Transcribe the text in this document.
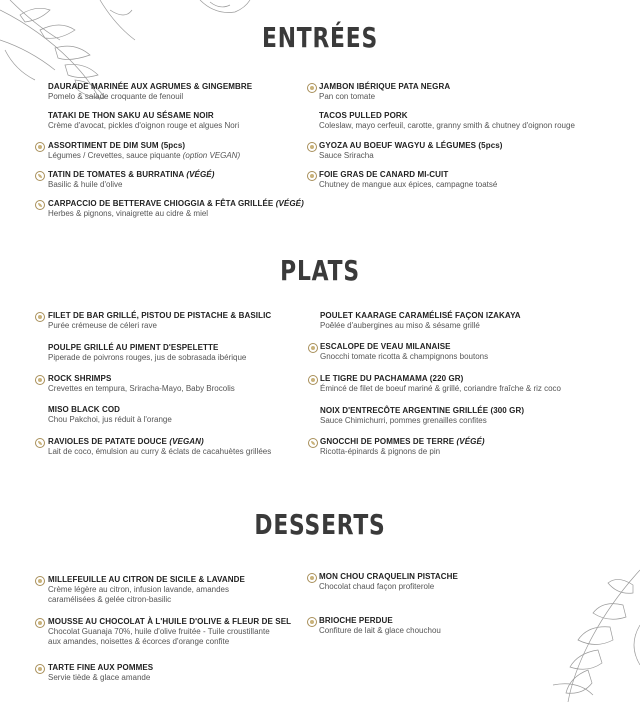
ENTRÉES
DAURADE MARINÉE AUX AGRUMES & GINGEMBRE
Pomelo & salade croquante de fenouil
TATAKI DE THON SAKU AU SÉSAME NOIR
Crème d'avocat, pickles d'oignon rouge et algues Nori
ASSORTIMENT DE DIM SUM (5pcs)
Légumes / Crevettes, sauce piquante (option VEGAN)
TATIN DE TOMATES & BURRATINA (VÉGÉ)
Basilic & huile d'olive
CARPACCIO DE BETTERAVE CHIOGGIA & FÊTA GRILLÉE (VÉGÉ)
Herbes & pignons, vinaigrette au cidre & miel
JAMBON IBÉRIQUE PATA NEGRA
Pan con tomate
TACOS PULLED PORK
Coleslaw, mayo cerfeuil, carotte, granny smith & chutney d'oignon rouge
GYOZA AU BOEUF WAGYU & LÉGUMES (5pcs)
Sauce Sriracha
FOIE GRAS DE CANARD MI-CUIT
Chutney de mangue aux épices, campagne toatsé
PLATS
FILET DE BAR GRILLÉ, PISTOU DE PISTACHE & BASILIC
Purée crémeuse de céleri rave
POULPE GRILLÉ AU PIMENT D'ESPELETTE
Piperade de poivrons rouges, jus de sobrasada ibérique
ROCK SHRIMPS
Crevettes en tempura, Sriracha-Mayo, Baby Brocolis
MISO BLACK COD
Chou Pakchoi, jus réduit à l'orange
RAVIOLES DE PATATE DOUCE (VEGAN)
Lait de coco, émulsion au curry & éclats de cacahuètes grillées
POULET KAARAGE CARAMÉLISÉ FAÇON IZAKAYA
Poêlée d'aubergines au miso & sésame grillé
ESCALOPE DE VEAU MILANAISE
Gnocchi tomate ricotta & champignons boutons
LE TIGRE DU PACHAMAMA (220 GR)
Émincé de filet de boeuf mariné & grillé, coriandre fraîche & riz coco
NOIX D'ENTRECÔTE ARGENTINE GRILLÉE (300 GR)
Sauce Chimichurri, pommes grenailles confites
GNOCCHI DE POMMES DE TERRE (VÉGÉ)
Ricotta-épinards & pignons de pin
DESSERTS
MILLEFEUILLE AU CITRON DE SICILE & LAVANDE
Crème légère au citron, infusion lavande, amandes
caramélisées & gelée citron-basilic
MOUSSE AU CHOCOLAT À L'HUILE D'OLIVE & FLEUR DE SEL
Chocolat Guanaja 70%, huile d'olive fruitée - Tuile croustillante
aux amandes, noisettes & écorces d'orange confite
TARTE FINE AUX POMMES
Servie tiède & glace amande
MON CHOU CRAQUELIN PISTACHE
Chocolat chaud façon profiterole
BRIOCHE PERDUE
Confiture de lait & glace chouchou
